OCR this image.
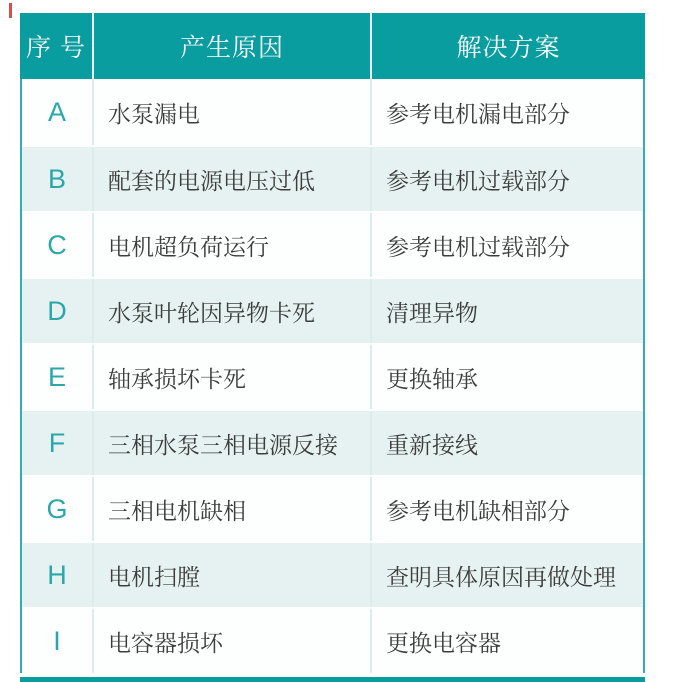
序 号	产生原因	解决方案
A	水泵漏电	参考电机漏电部分
B	配套的电源电压过低	参考电机过载部分
C	电机超负荷运行	参考电机过载部分
D	水泵叶轮因异物卡死	清理异物
E	轴承损坏卡死	更换轴承
F	三相水泵三相电源反接	重新接线
G	三相电机缺相	参考电机缺相部分
H	电机扫膛	查明具体原因再做处理
I	电容器损坏	更换电容器
